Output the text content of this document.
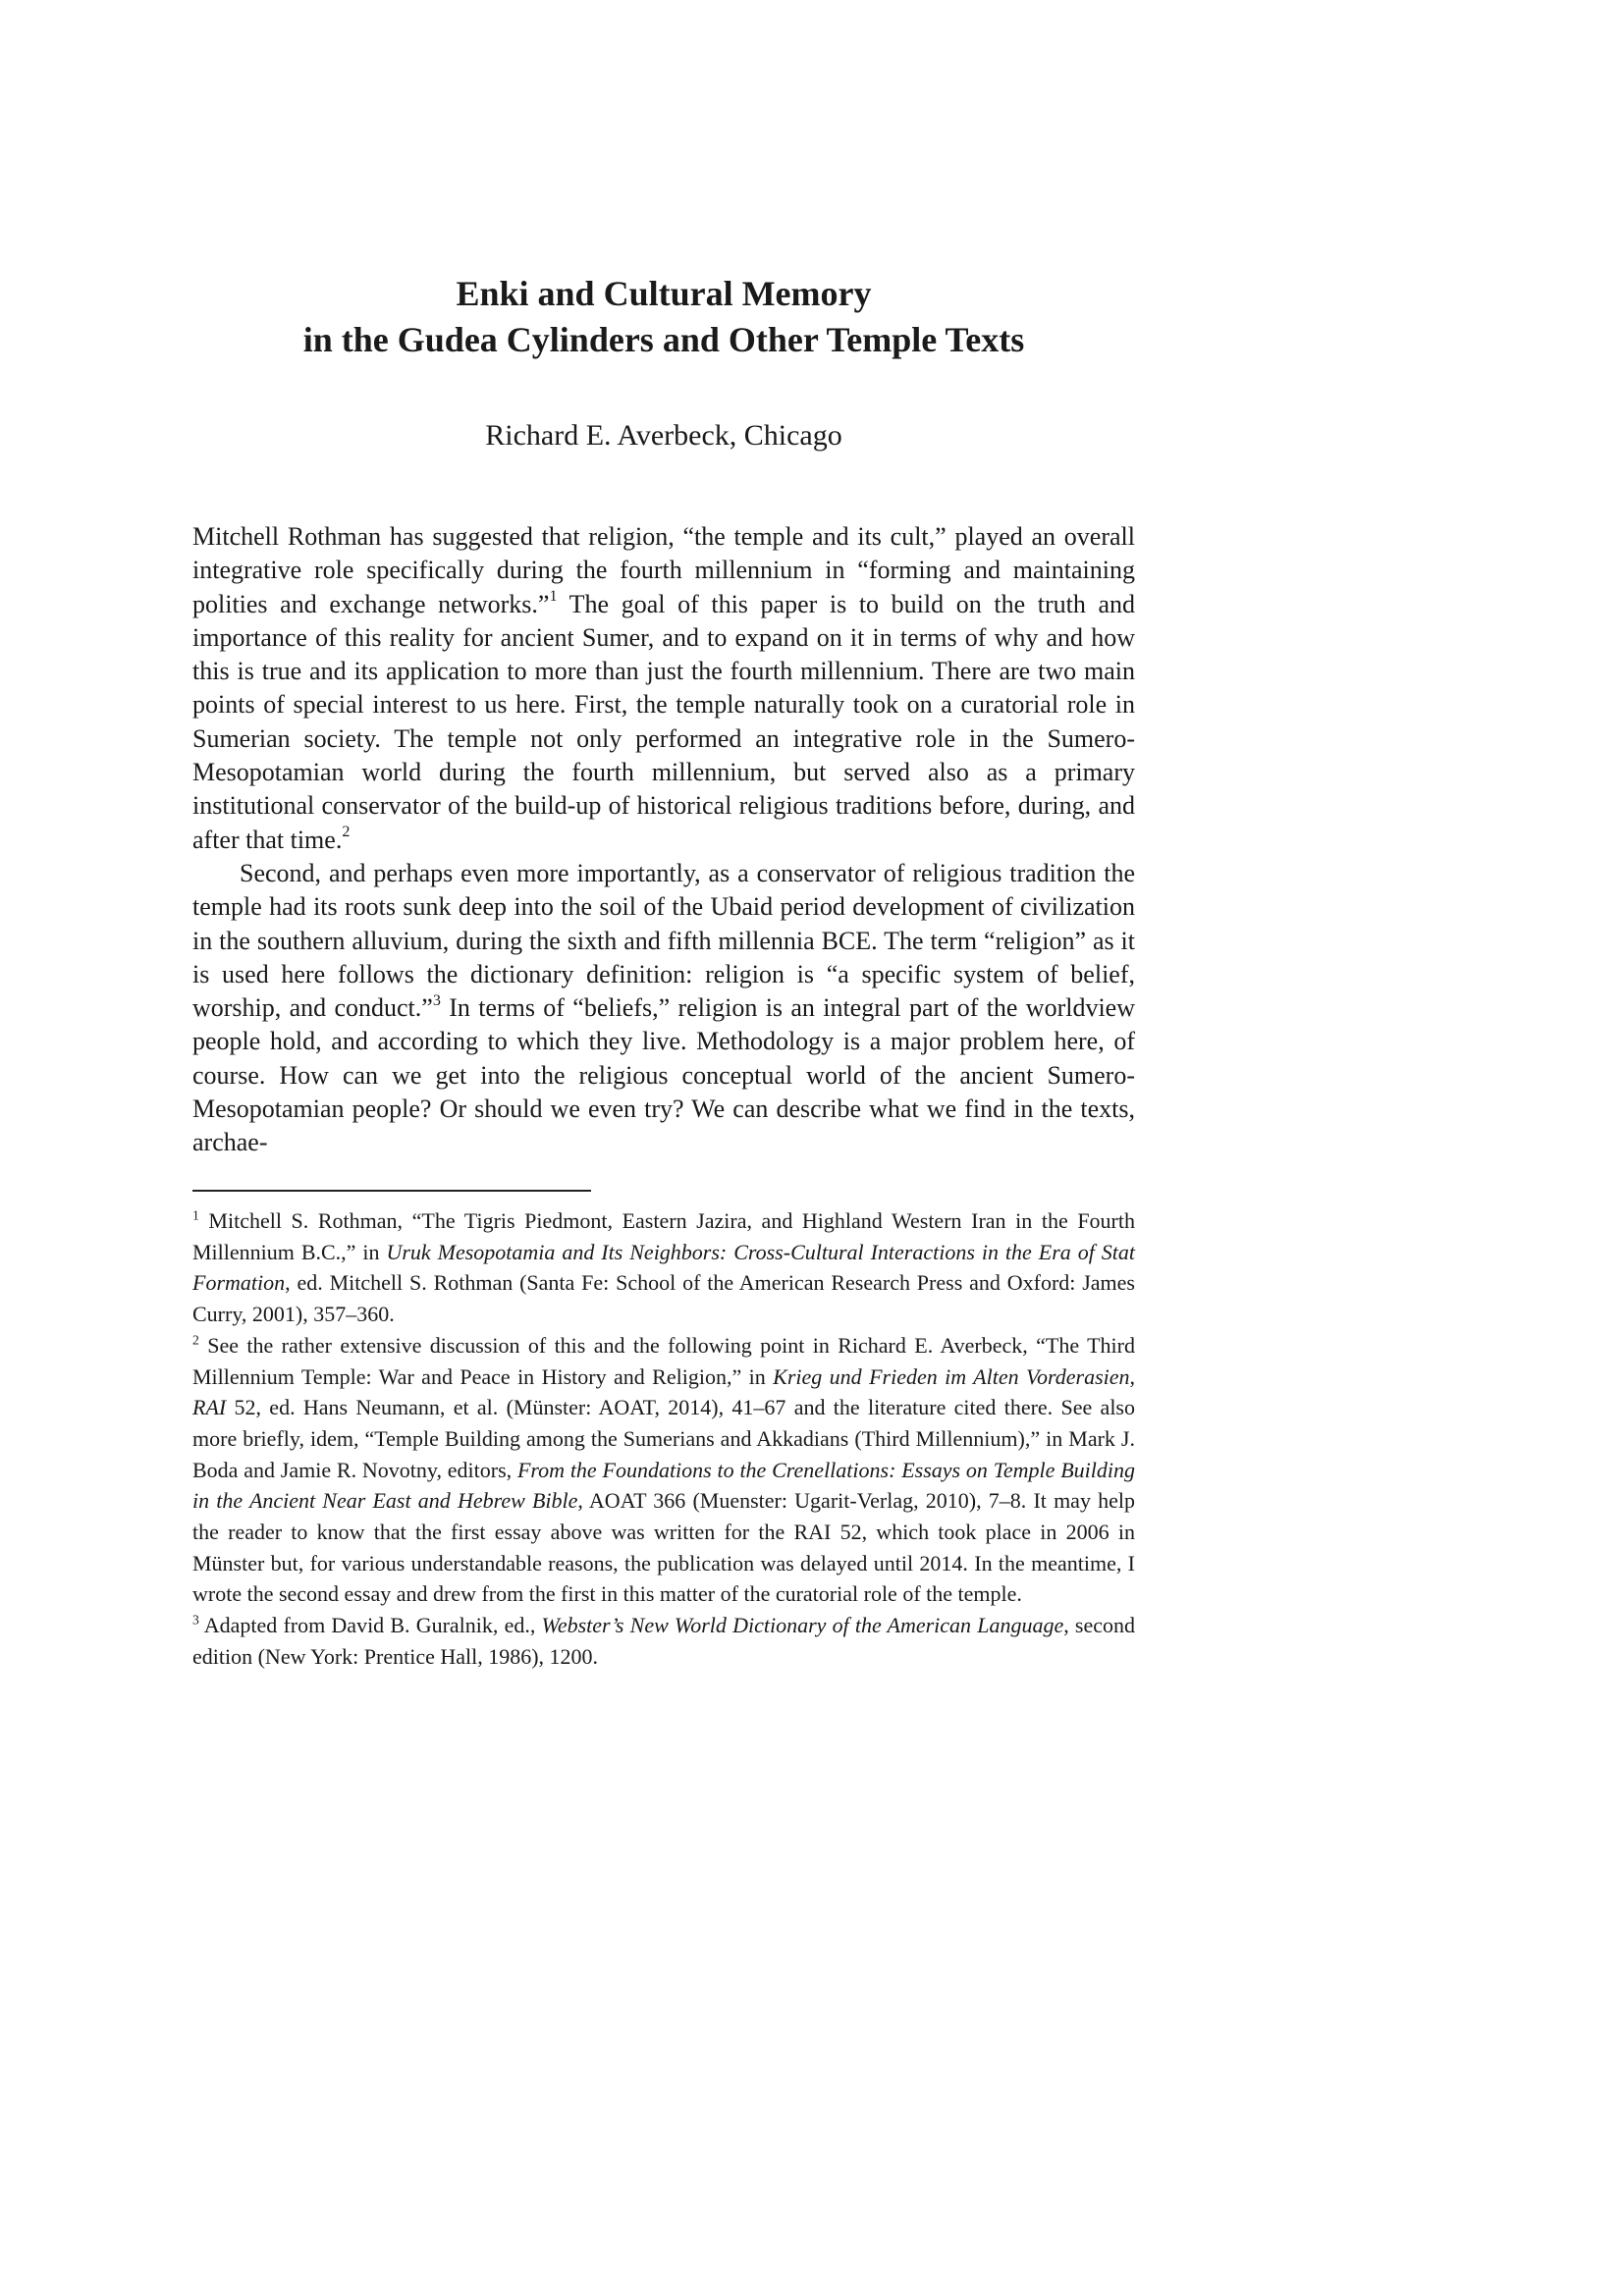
Enki and Cultural Memory
in the Gudea Cylinders and Other Temple Texts
Richard E. Averbeck, Chicago

Mitchell Rothman has suggested that religion, “the temple and its cult,” played an overall integrative role specifically during the fourth millennium in “forming and maintaining polities and exchange networks.”$^1$ The goal of this paper is to build on the truth and importance of this reality for ancient Sumer, and to expand on it in terms of why and how this is true and its application to more than just the fourth millennium. There are two main points of special interest to us here. First, the temple naturally took on a curatorial role in Sumerian society. The temple not only performed an integrative role in the Sumero-Mesopotamian world during the fourth millennium, but served also as a primary institutional conservator of the build-up of historical religious traditions before, during, and after that time.$^2$

Second, and perhaps even more importantly, as a conservator of religious tradition the temple had its roots sunk deep into the soil of the Ubaid period development of civilization in the southern alluvium, during the sixth and fifth millennia BCE. The term “religion” as it is used here follows the dictionary definition: religion is “a specific system of belief, worship, and conduct.”$^3$ In terms of “beliefs,” religion is an integral part of the worldview people hold, and according to which they live. Methodology is a major problem here, of course. How can we get into the religious conceptual world of the ancient Sumero-Mesopotamian people? Or should we even try? We can describe what we find in the texts, archae-

$^1$ Mitchell S. Rothman, “The Tigris Piedmont, Eastern Jazira, and Highland Western Iran in the Fourth Millennium B.C.,” in Uruk Mesopotamia and Its Neighbors: Cross-Cultural Interactions in the Era of Stat Formation, ed. Mitchell S. Rothman (Santa Fe: School of the American Research Press and Oxford: James Curry, 2001), 357–360.

$^2$ See the rather extensive discussion of this and the following point in Richard E. Averbeck, “The Third Millennium Temple: War and Peace in History and Religion,” in Krieg und Frieden im Alten Vorderasien, RAI 52, ed. Hans Neumann, et al. (Münster: AOAT, 2014), 41–67 and the literature cited there. See also more briefly, idem, “Temple Building among the Sumerians and Akkadians (Third Millennium),” in Mark J. Boda and Jamie R. Novotny, editors, From the Foundations to the Crenellations: Essays on Temple Building in the Ancient Near East and Hebrew Bible, AOAT 366 (Muenster: Ugarit-Verlag, 2010), 7–8. It may help the reader to know that the first essay above was written for the RAI 52, which took place in 2006 in Münster but, for various understandable reasons, the publication was delayed until 2014. In the meantime, I wrote the second essay and drew from the first in this matter of the curatorial role of the temple.

$^3$ Adapted from David B. Guralnik, ed., Webster’s New World Dictionary of the American Language, second edition (New York: Prentice Hall, 1986), 1200.
